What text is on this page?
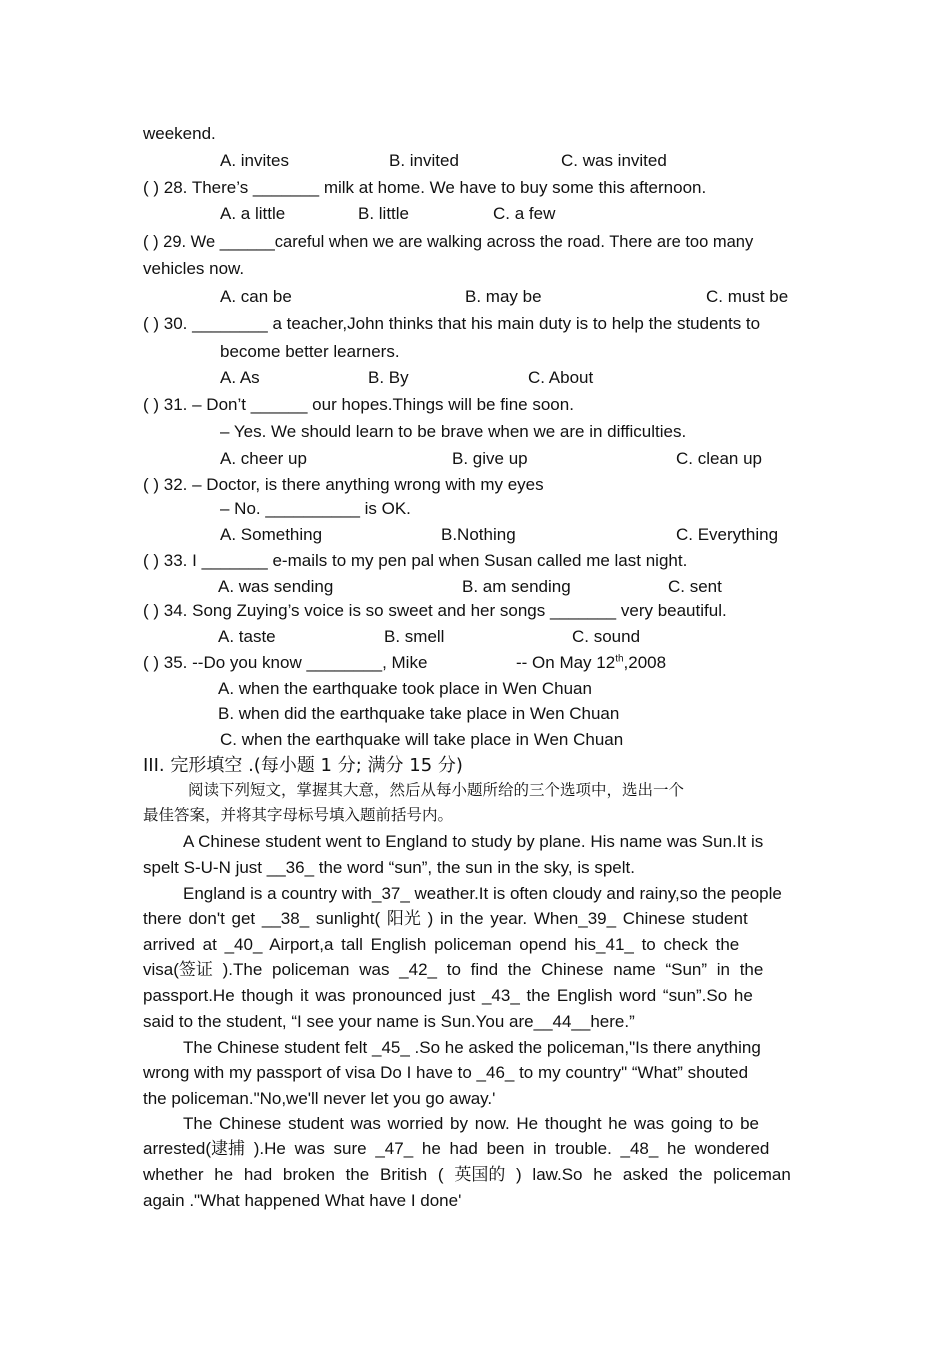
weekend.
A. invites	B. invited	C. was invited
( ) 28. There’s _______ milk at home. We have to buy some this afternoon.
A. a little	B. little	C. a few
( ) 29. We ______careful when we are walking across the road. There are too many
vehicles now.
A. can be	B. may be	C. must be
( ) 30. ________ a teacher,John thinks that his main duty is to help the students to
become better learners.
A. As	B. By	C. About
( ) 31. – Don’t ______ our hopes.Things will be fine soon.
– Yes. We should learn to be brave when we are in difficulties.
A. cheer up	B. give up	C. clean up
( ) 32. – Doctor, is there anything wrong with my eyes
– No. __________ is OK.
A. Something	B.Nothing	C. Everything
( ) 33. I _______ e-mails to my pen pal when Susan called me last night.
A. was sending	B. am sending	C. sent
( ) 34. Song Zuying’s voice is so sweet and her songs _______ very beautiful.
A. taste	B. smell	C. sound
( ) 35. --Do you know ________, Mike	-- On May 12th,2008
A. when the earthquake took place in Wen Chuan
B. when did the earthquake take place in Wen Chuan
C. when the earthquake will take place in Wen Chuan
III. 完形填空 .(每小题 1 分; 满分 15 分)
阅读下列短文，掌握其大意，然后从每小题所给的三个选项中，选出一个
最佳答案，并将其字母标号填入题前括号内。
A Chinese student went to England to study by plane. His name was Sun.It is
spelt S-U-N just __36_ the word “sun”, the sun in the sky, is spelt.
England is a country with_37_ weather.It is often cloudy and rainy,so the people
there don't get __38_ sunlight( 阳光 ) in the year. When_39_ Chinese student
arrived at _40_ Airport,a tall English policeman opend his_41_ to check the
visa(签证 ).The policeman was _42_ to find the Chinese name “Sun” in the
passport.He though it was pronounced just _43_ the English word “sun”.So he
said to the student, “I see your name is Sun.You are__44__here.”
The Chinese student felt _45_ .So he asked the policeman,"Is there anything
wrong with my passport of visa Do I have to _46_ to my country" “What” shouted
the policeman."No,we'll never let you go away.'
The Chinese student was worried by now. He thought he was going to be
arrested(逮捕 ).He was sure _47_ he had been in trouble. _48_ he wondered
whether he had broken the British ( 英国的 ) law.So he asked the policeman
again ."What happened What have I done'
